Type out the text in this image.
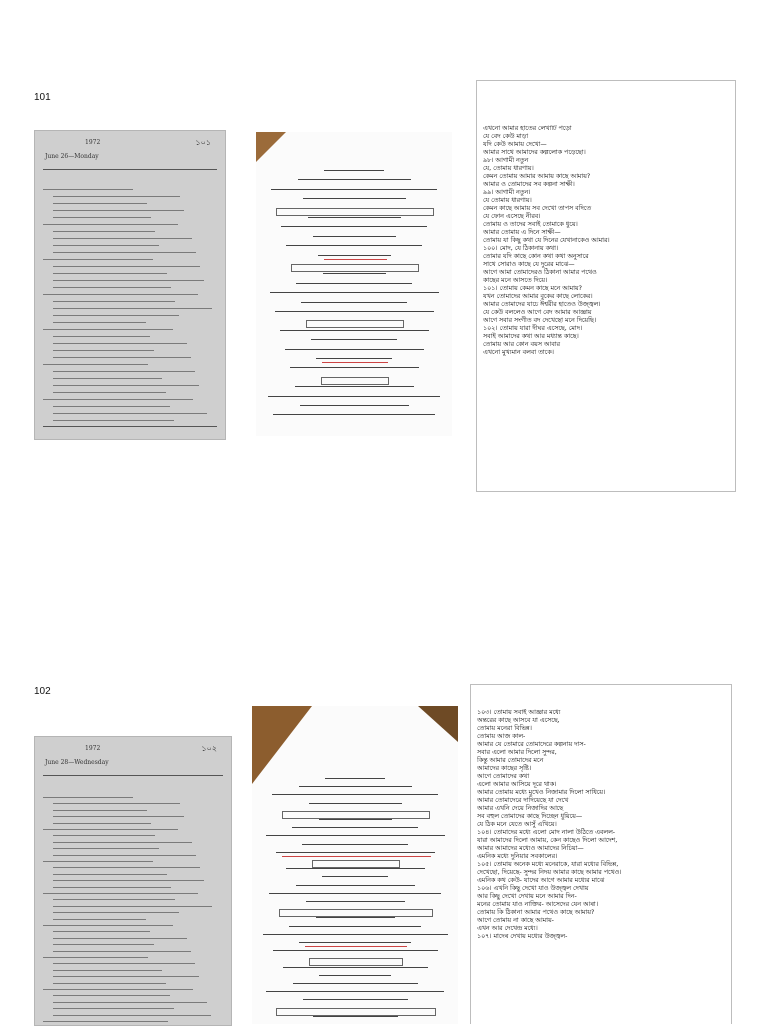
101
১০১
1972
June 26—Monday
এখনো আমার হাতের লেখাটি পড়ো
যে বেদ কেউ মাড়া
যদি কেউ আমায় দেখো—
আমার সাথে আমাদের কল্পলোক পড়েছো।
৯৮। আগামী নতুন
যে, তোমায় ধারণায়।
কেমন তোমায় আমার আমায় কাছে আমায়?
আমার ও তোমাদের সব কল্পনা সাক্ষী।
৯৯। আগামী নতুন।
যে তোমায় ধারণায়।
কেমন কাছে আমায় সব দেখো তাপস বদিতে
যে ফোন এসেছে নীরব।
তোমায় ও তাদের সবাই তোমাকে ধুয়ে।
আমার তোমায় এ দিনে সাক্ষী—
তোমায় যা কিছু কথা যে দিনের যেখানাকেও আমার।
১০০। মোদ, যে ঠিকানায় কথা।
তোমার যদি কাছে কোন কথা কথা অনুসারে
সাথে সোরাও কাছে যে দুরের মাঝে—
আগে আমা তোমাদেরও ঠিকানা আমার পথেও
কাছের মনে আসতে দিয়ে।
১০১। তোমায় কেমন কাছে মনে আমায়?
যখন তোমাদের আমার বুকের কাছে লোকের।
আমার তোমাদের যাচে ঈশ্বরীর হাতেও উজ্জ্বল।
যে কেউ বললেও আগে বেদ আমার আজ্ঞায়
আগে সবার সংগীত বদ দেখেছো মনে দিয়েছি।
১০২। তোমায় যারা দীঘর এসেছে, মোদ।
সবাই আমাদের কথা আর মধ্যান্ত কাছে।
তোমায় আর কোন বয়স আবার
এখনো মুখ্যমান বলবা তাকে।
102
১০২
1972
June 28—Wednesday
১০৩। তোমায় সবাই আজ্ঞার মধ্যে
অন্তরের কাছে আসবে যা এসেছে,
তোমায় মনেরা বিভিন্ন।
তোমায় আজ কাল-
আমার যে তোমারে তোমাদেরে কল্পনায় দাস-
সবার এলো আমার দিলো সুন্দর,
কিন্তু আমার তোমাদের মনে
আমাদের কাছের সৃষ্টি।
আগে তোমাদের কথা
এলো আমার আসিয়ে দূরে থাক।
আমার তোমায় মধ্যে মুখেও নিজামার দিলো সাধিয়ে।
আমার তোমাদেরে দাদিয়েছে যা দেখে
আমার এখনি দেয়ে নিজাদির আছে
সব বহুল তোমাদের কাছে দিচ্ছেন ধুয়িয়ে—
যে ঠিক মনে যেতে আসুঁ এখিয়ে।
১০৪। তোমাদের মধ্যে এলো মোদ নালা উঠিতে এবলল-
যারা আমাদের দিলো আমায়, কেন কাছেও দিলো আদেশ,
আমার আমাদের মধ্যেও আমাদের নিচিয়া—
এমনিক মধ্যে দুনিয়ার সবকালের।
১০৫। তোমায় অনেক মধ্যে মনেরাকে, যারা মধ্যের বিভিন্ন,
দেখেছো, দিয়েছে- সুন্দর নিদয় আমার কাছে আমার পথেও।
এমনিক কথ কেউ- যাদের আগে আমার মধ্যের মাঝে
১০৬। এখনি কিছু দেখো যাও উজ্জ্বল দেখায়
আর কিছু দেখো দেখায় মনে আমার দিন-
মনের তোমায় যাও নাক্তির- আসেদের যেন আৰা।
তোমায় কি ঠিকানা আমার পথেও কাছে আমায়?
আগে তোমায় না কাছে আমায়-
এখন আর দেখেন্দ্র মধ্যে।
১০৭। মাদেৰ দেখায় মধ্যের উজ্জ্বল-
